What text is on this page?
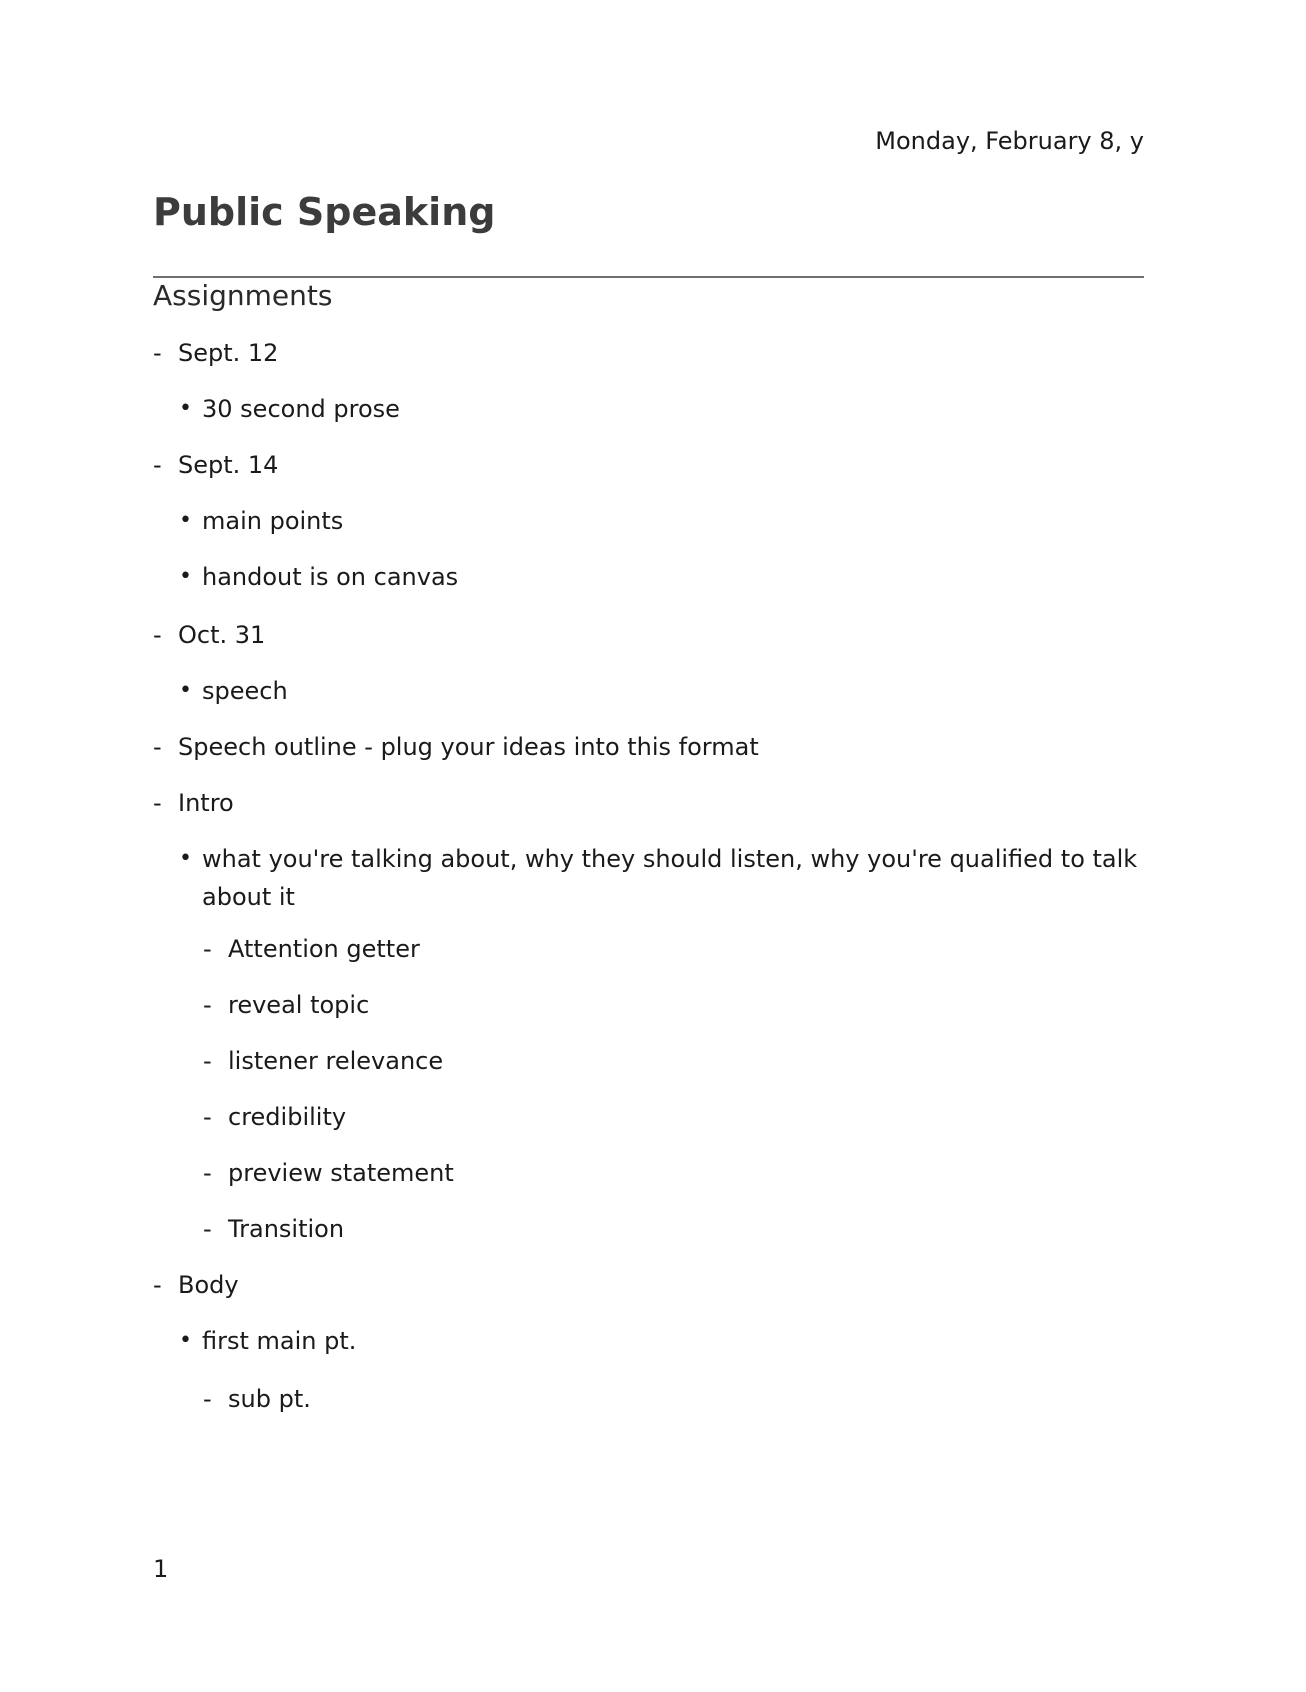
Monday, February 8, y
Public Speaking
Assignments
- Sept. 12
• 30 second prose
- Sept. 14
• main points
• handout is on canvas
- Oct. 31
• speech
- Speech outline - plug your ideas into this format
- Intro
• what you're talking about, why they should listen, why you're qualified to talk about it
- Attention getter
- reveal topic
- listener relevance
- credibility
- preview statement
- Transition
- Body
• first main pt.
- sub pt.
1
